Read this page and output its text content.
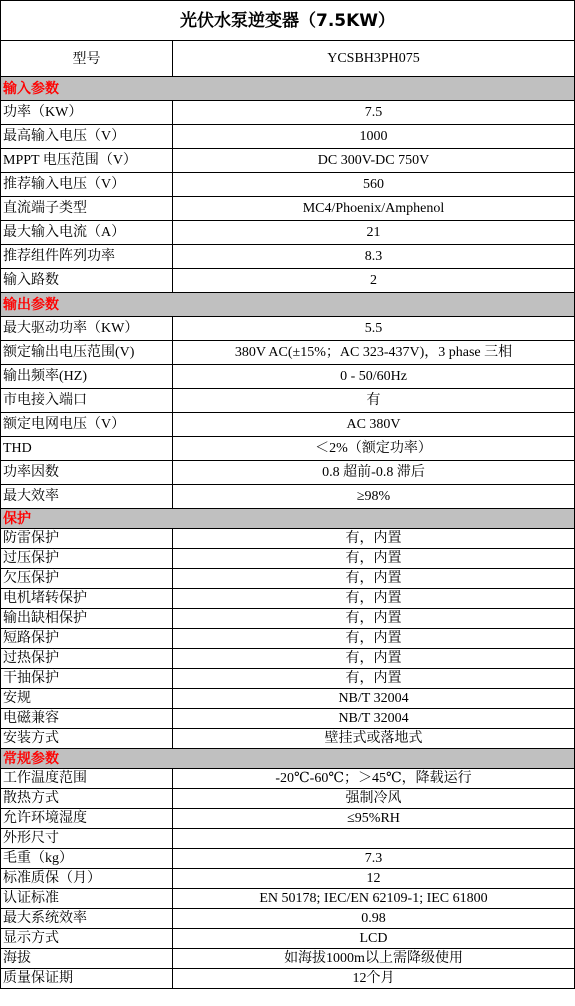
光伏水泵逆变器（7.5KW）	
型号	YCSBH3PH075
输入参数	
功率（KW）	7.5
最高输入电压（V）	1000
MPPT 电压范围（V）	DC 300V-DC 750V
推荐输入电压（V）	560
直流端子类型	MC4/Phoenix/Amphenol
最大输入电流（A）	21
推荐组件阵列功率	8.3
输入路数	2
输出参数	
最大驱动功率（KW）	5.5
额定输出电压范围(V)	380V AC(±15%；AC 323-437V)，3 phase 三相
输出频率(HZ)	0 - 50/60Hz
市电接入端口	有
额定电网电压（V）	AC 380V
THD	＜2%（额定功率）
功率因数	0.8 超前-0.8 滞后
最大效率	≥98%
保护	
防雷保护	有，内置
过压保护	有，内置
欠压保护	有，内置
电机堵转保护	有，内置
输出缺相保护	有，内置
短路保护	有，内置
过热保护	有，内置
干抽保护	有，内置
安规	NB/T 32004
电磁兼容	NB/T 32004
安装方式	壁挂式或落地式
常规参数	
工作温度范围	-20℃-60℃；＞45℃，降载运行
散热方式	强制冷风
允许环境湿度	≤95%RH
外形尺寸	
毛重（kg）	7.3
标准质保（月）	12
认证标准	EN 50178; IEC/EN 62109-1; IEC 61800
最大系统效率	0.98
显示方式	LCD
海拔	如海拔1000m以上需降级使用
质量保证期	12个月
